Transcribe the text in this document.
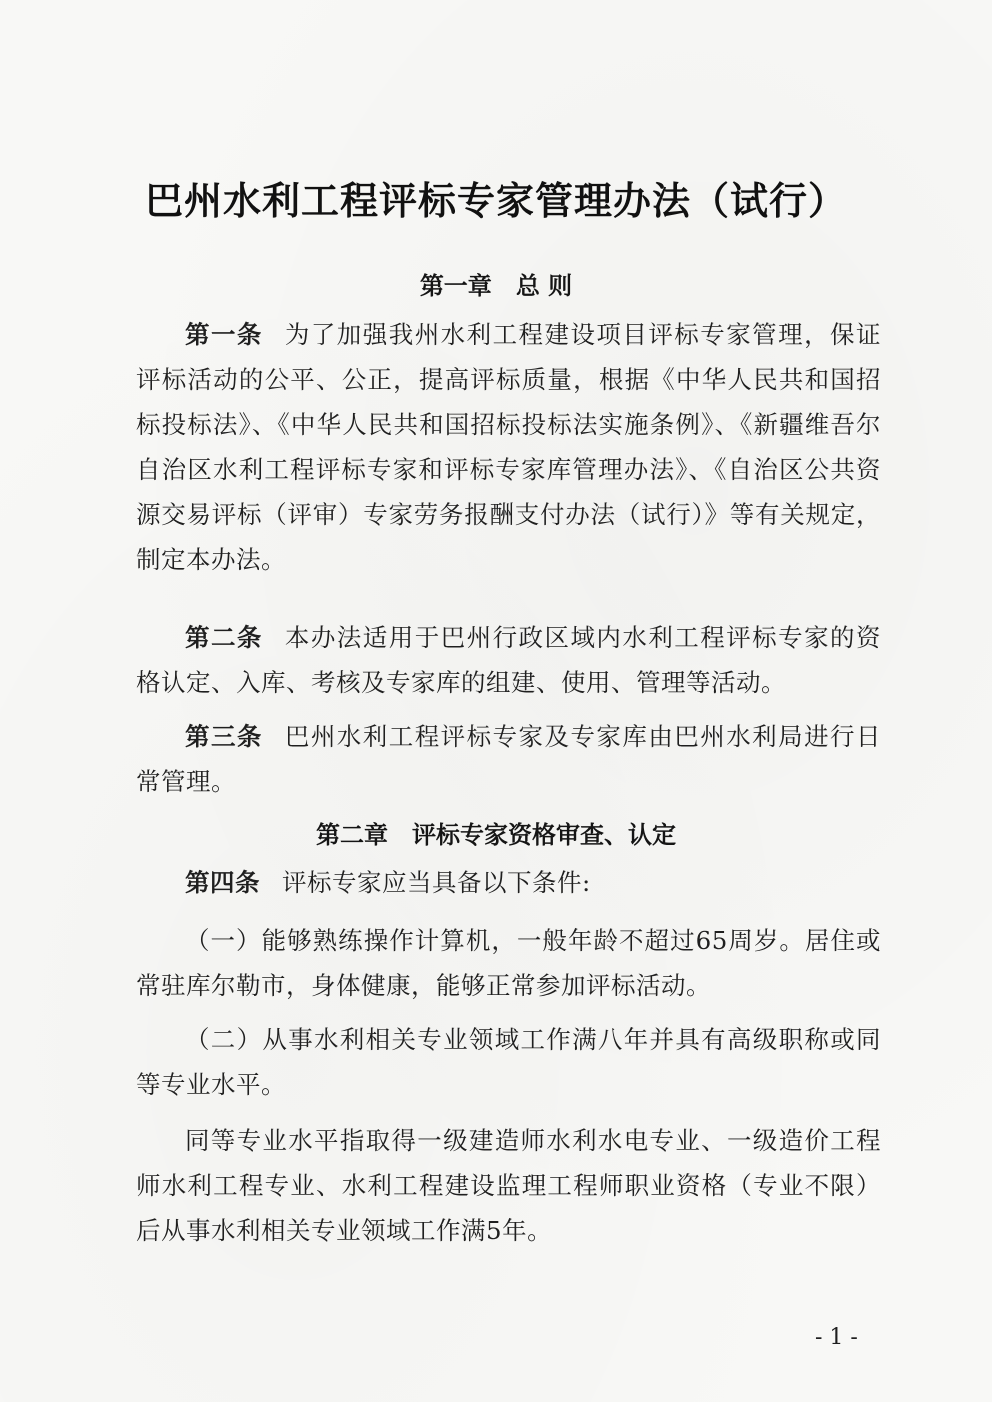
巴州水利工程评标专家管理办法（试行）
第一章 总 则
第一条 为了加强我州水利工程建设项目评标专家管理，保证评标活动的公平、公正，提高评标质量，根据《中华人民共和国招标投标法》、《中华人民共和国招标投标法实施条例》、《新疆维吾尔自治区水利工程评标专家和评标专家库管理办法》、《自治区公共资源交易评标（评审）专家劳务报酬支付办法（试行）》等有关规定，制定本办法。
第二条 本办法适用于巴州行政区域内水利工程评标专家的资格认定、入库、考核及专家库的组建、使用、管理等活动。
第三条 巴州水利工程评标专家及专家库由巴州水利局进行日常管理。
第二章 评标专家资格审查、认定
第四条 评标专家应当具备以下条件:
（一）能够熟练操作计算机，一般年龄不超过65周岁。居住或常驻库尔勒市，身体健康，能够正常参加评标活动。
（二）从事水利相关专业领域工作满八年并具有高级职称或同等专业水平。
同等专业水平指取得一级建造师水利水电专业、一级造价工程师水利工程专业、水利工程建设监理工程师职业资格（专业不限）后从事水利相关专业领域工作满5年。
- 1 -
